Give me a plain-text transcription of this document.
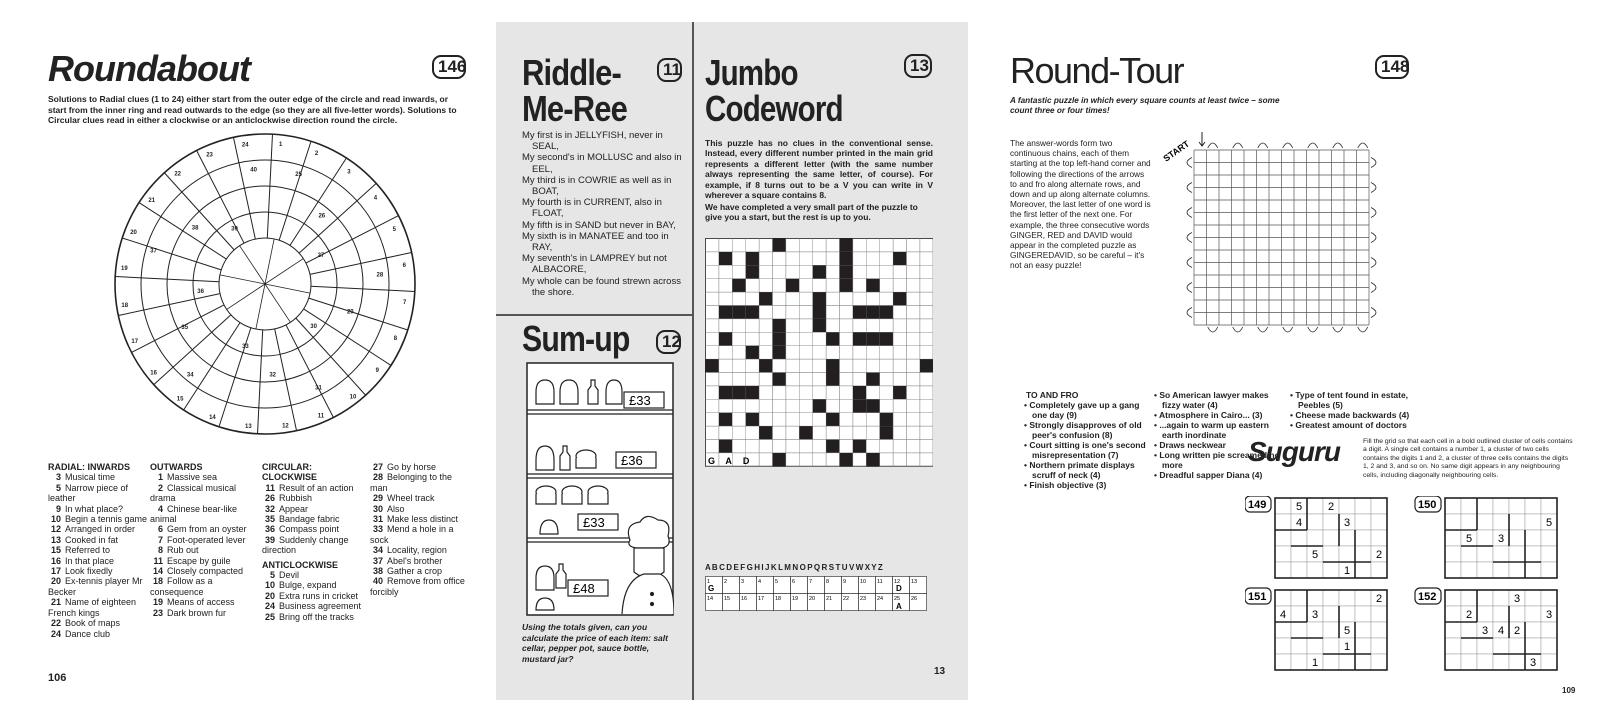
Roundabout	146
Solutions to Radial clues (1 to 24) either start from the outer edge of the circle and read inwards, or start from the inner ring and read outwards to the edge (so they are all five-letter words). Solutions to Circular clues read in either a clockwise or an anticlockwise direction round the circle.
1
2
3
4
5
6
7
8
9
10
11
12
13
14
15
16
17
18
19
20
21
22
23
24
25
26
27
28
29
30
31
32
33
34
35
36
37
38	39
40
RADIAL: INWARDS
3 Musical time
5 Narrow piece of leather
9 In what place?
10 Begin a tennis game
12 Arranged in order
13 Cooked in fat
15 Referred to
16 In that place
17 Look fixedly
20 Ex-tennis player Mr Becker
21 Name of eighteen French kings
22 Book of maps
24 Dance club
OUTWARDS
1 Massive sea
2 Classical musical drama
4 Chinese bear-like animal
6 Gem from an oyster
7 Foot-operated lever
8 Rub out
11 Escape by guile
14 Closely compacted
18 Follow as a consequence
19 Means of access
23 Dark brown fur
CIRCULAR: CLOCKWISE
11 Result of an action
26 Rubbish
32 Appear
35 Bandage fabric
36 Compass point
39 Suddenly change direction
ANTICLOCKWISE
5 Devil
10 Bulge, expand
20 Extra runs in cricket
24 Business agreement
25 Bring off the tracks
27 Go by horse
28 Belonging to the man
29 Wheel track
30 Also
31 Make less distinct
33 Mend a hole in a sock
34 Locality, region
37 Abel's brother
38 Gather a crop
40 Remove from office forcibly
106
Riddle-
Me-Ree
11
My first is in JELLYFISH, never in SEAL,
My second's in MOLLUSC and also in EEL,
My third is in COWRIE as well as in BOAT,
My fourth is in CURRENT, also in FLOAT,
My fifth is in SAND but never in BAY,
My sixth is in MANATEE and too in RAY,
My seventh's in LAMPREY but not ALBACORE,
My whole can be found strewn across the shore.
Sum-up	12
£33
£36
£33
£48
Using the totals given, can you calculate the price of each item: salt cellar, pepper pot, sauce bottle, mustard jar?
Jumbo
Codeword
13
This puzzle has no clues in the conventional sense. Instead, every different number printed in the main grid represents a different letter (with the same number always representing the same letter, of course). For example, if 8 turns out to be a V you can write in V wherever a square contains 8.
We have completed a very small part of the puzzle to give you a start, but the rest is up to you.
G A D
A B C D E F G H I J K L M N O P Q R S T U V W X Y Z
1	2	3	4	5	6	7	8	9	10 11 12 13
14 15 16 17 18 19 20 21 22 23 24 25 26
G	D
A
13
Round-Tour	148
A fantastic puzzle in which every square counts at least twice – some count three or four times!
The answer-words form two continuous chains, each of them starting at the top left-hand corner and following the directions of the arrows to and fro along alternate rows, and down and up along alternate columns. Moreover, the last letter of one word is the first letter of the next one. For example, the three consecutive words GINGER, RED and DAVID would appear in the completed puzzle as GINGEREDAVID, so be careful – it's not an easy puzzle!
START
TO AND FRO
• Completely gave up a gang one day (9)
• Strongly disapproves of old peer's confusion (8)
• Court sitting is one's second misrepresentation (7)
• Northern primate displays scruff of neck (4)
• Finish objective (3)
• So American lawyer makes fizzy water (4)
• Atmosphere in Cairo... (3)
• ...again to warm up eastern earth inordinate
• Draws neckwear
• Long written pie screamed no more
• Dreadful sapper Diana (4)
• Type of tent found in estate, Peebles (5)
• Cheese made backwards (4)
• Greatest amount of doctors
Suguru	Fill the grid so that each cell in a bold outlined cluster of cells contains a digit. A single cell contains a number 1, a cluster of two cells contains the digits 1 and 2, a cluster of three cells contains the digits 1, 2 and 3, and so on. No same digit appears in any neighbouring cells, including diagonally neighbouring cells.
149	5 2
4	3
5	2
1
150
5
5 3
151	2
4 3
5
1
1
152	3
2	3
3 4 2
3
109
